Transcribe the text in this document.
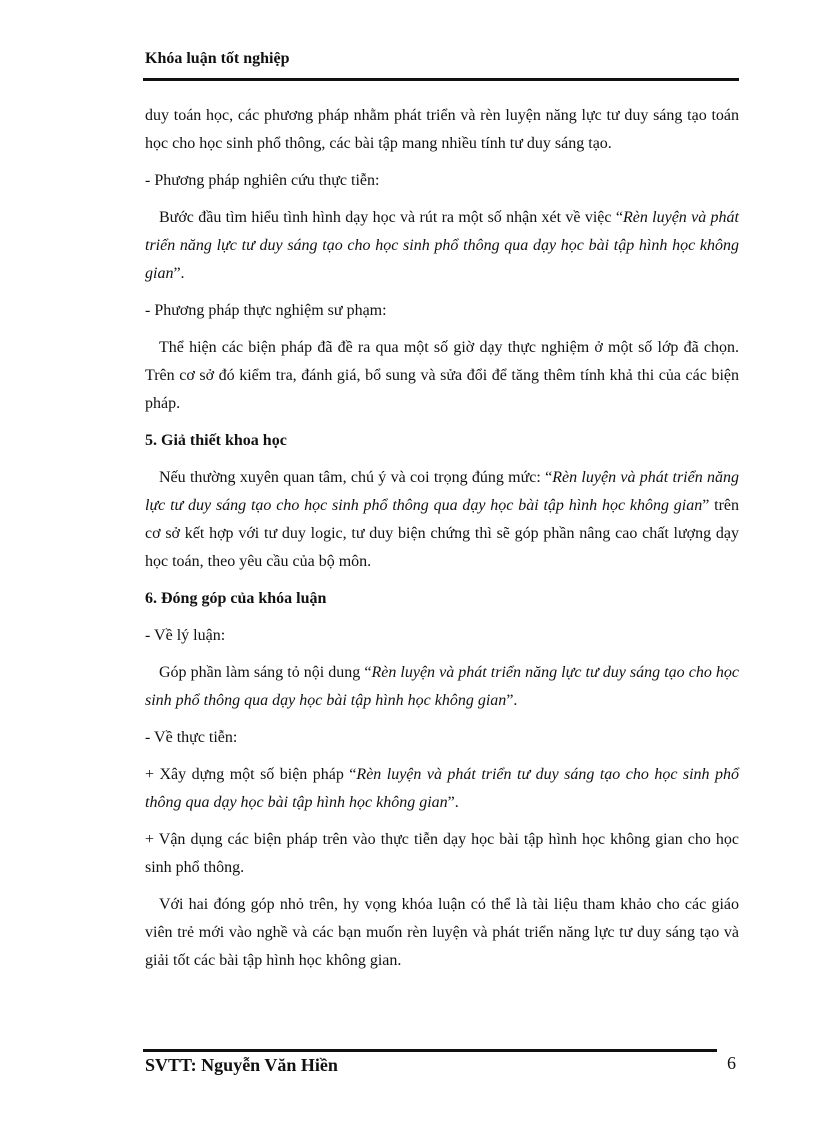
Khóa luận tốt nghiệp

duy toán học, các phương pháp nhằm phát triển và rèn luyện năng lực tư duy sáng tạo toán học cho học sinh phổ thông, các bài tập mang nhiều tính tư duy sáng tạo.

- Phương pháp nghiên cứu thực tiễn:

Bước đầu tìm hiểu tình hình dạy học và rút ra một số nhận xét về việc “Rèn luyện và phát triển năng lực tư duy sáng tạo cho học sinh phổ thông qua dạy học bài tập hình học không gian”.

- Phương pháp thực nghiệm sư phạm:

Thể hiện các biện pháp đã đề ra qua một số giờ dạy thực nghiệm ở một số lớp đã chọn. Trên cơ sở đó kiểm tra, đánh giá, bổ sung và sửa đổi để tăng thêm tính khả thi của các biện pháp.

5. Giả thiết khoa học

Nếu thường xuyên quan tâm, chú ý và coi trọng đúng mức: “Rèn luyện và phát triển năng lực tư duy sáng tạo cho học sinh phổ thông qua dạy học bài tập hình học không gian” trên cơ sở kết hợp với tư duy logic, tư duy biện chứng thì sẽ góp phần nâng cao chất lượng dạy học toán, theo yêu cầu của bộ môn.

6. Đóng góp của khóa luận

- Về lý luận:

Góp phần làm sáng tỏ nội dung “Rèn luyện và phát triển năng lực tư duy sáng tạo cho học sinh phổ thông qua dạy học bài tập hình học không gian”.

- Về thực tiễn:

+ Xây dựng một số biện pháp “Rèn luyện và phát triển tư duy sáng tạo cho học sinh phổ thông qua dạy học bài tập hình học không gian”.

+ Vận dụng các biện pháp trên vào thực tiễn dạy học bài tập hình học không gian cho học sinh phổ thông.

Với hai đóng góp nhỏ trên, hy vọng khóa luận có thể là tài liệu tham khảo cho các giáo viên trẻ mới vào nghề và các bạn muốn rèn luyện và phát triển năng lực tư duy sáng tạo và giải tốt các bài tập hình học không gian.

SVTT: Nguyễn Văn Hiền	6
